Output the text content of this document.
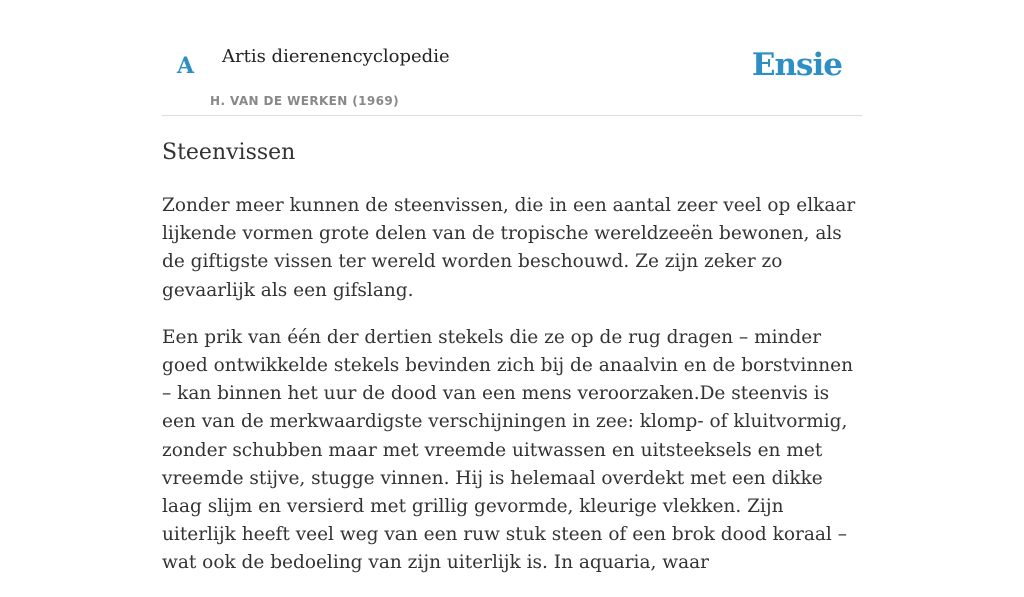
A Artis dierenencyclopedie
H. VAN DE WERKEN (1969)
Ensie
Steenvissen

Zonder meer kunnen de steenvissen, die in een aantal zeer veel op elkaar lijkende vormen grote delen van de tropische wereldzeeën bewonen, als de giftigste vissen ter wereld worden beschouwd. Ze zijn zeker zo gevaarlijk als een gifslang.

Een prik van één der dertien stekels die ze op de rug dragen – minder goed ontwikkelde stekels bevinden zich bij de anaalvin en de borstvinnen – kan binnen het uur de dood van een mens veroorzaken.De steenvis is een van de merkwaardigste verschijningen in zee: klomp- of kluitvormig, zonder schubben maar met vreemde uitwassen en uitsteeksels en met vreemde stijve, stugge vinnen. Hij is helemaal overdekt met een dikke laag slijm en versierd met grillig gevormde, kleurige vlekken. Zijn uiterlijk heeft veel weg van een ruw stuk steen of een brok dood koraal – wat ook de bedoeling van zijn uiterlijk is. In aquaria, waar
